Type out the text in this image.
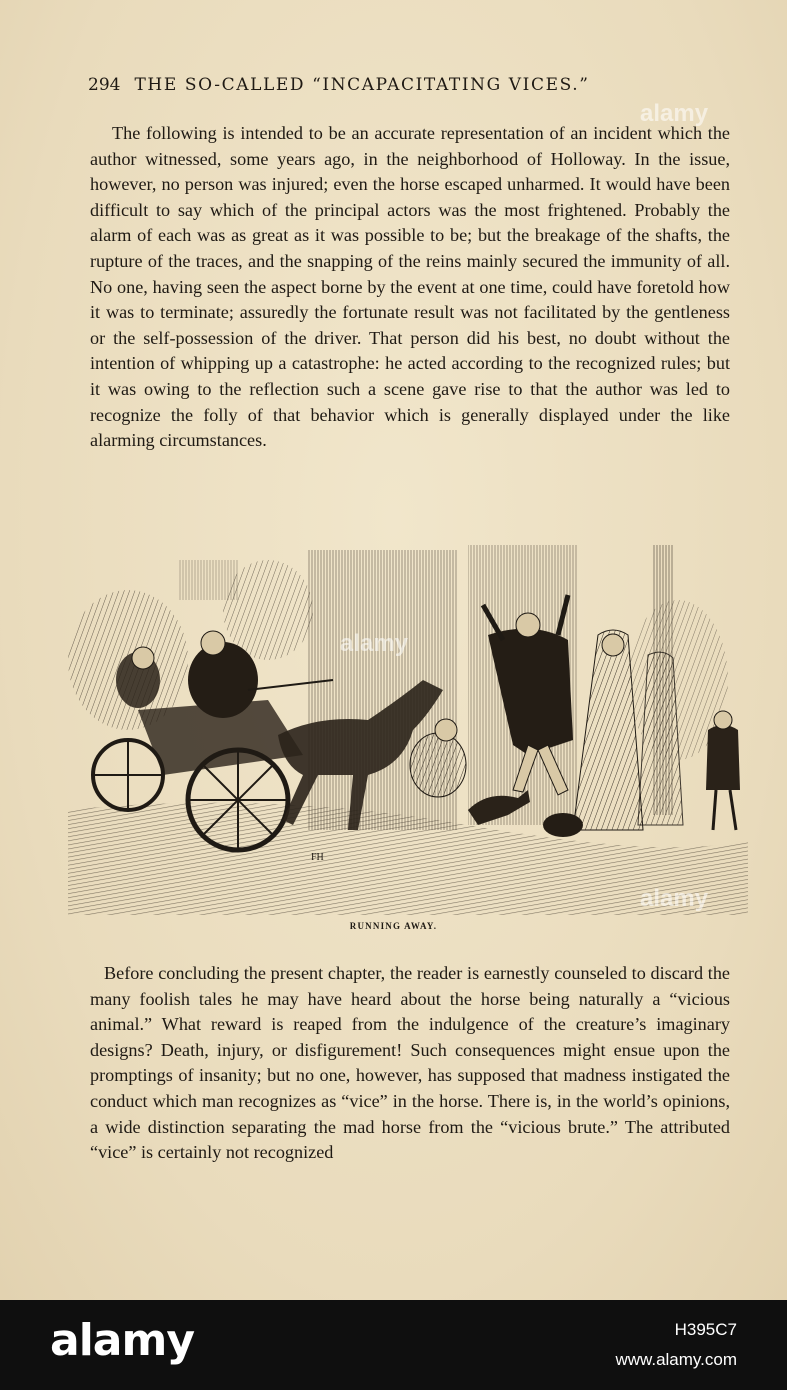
294 THE SO-CALLED “INCAPACITATING VICES.”

The following is intended to be an accurate representation of an incident which the author witnessed, some years ago, in the neighborhood of Holloway. In the issue, however, no person was injured; even the horse escaped unharmed. It would have been difficult to say which of the principal actors was the most frightened. Probably the alarm of each was as great as it was possible to be; but the breakage of the shafts, the rupture of the traces, and the snapping of the reins mainly secured the immunity of all. No one, having seen the aspect borne by the event at one time, could have foretold how it was to terminate; assuredly the fortunate result was not facilitated by the gentleness or the self-possession of the driver. That person did his best, no doubt without the intention of whipping up a catastrophe: he acted according to the recognized rules; but it was owing to the reflection such a scene gave rise to that the author was led to recognize the folly of that behavior which is generally displayed under the like alarming circumstances.

FH
RUNNING AWAY.

Before concluding the present chapter, the reader is earnestly counseled to discard the many foolish tales he may have heard about the horse being naturally a “vicious animal.” What reward is reaped from the indulgence of the creature’s imaginary designs? Death, injury, or disfigurement! Such consequences might ensue upon the promptings of insanity; but no one, however, has supposed that madness instigated the conduct which man recognizes as “vice” in the horse. There is, in the world’s opinions, a wide distinction separating the mad horse from the “vicious brute.” The attributed “vice” is certainly not recognized

alamy
alamy
alamy
alamy	H395C7
www.alamy.com
